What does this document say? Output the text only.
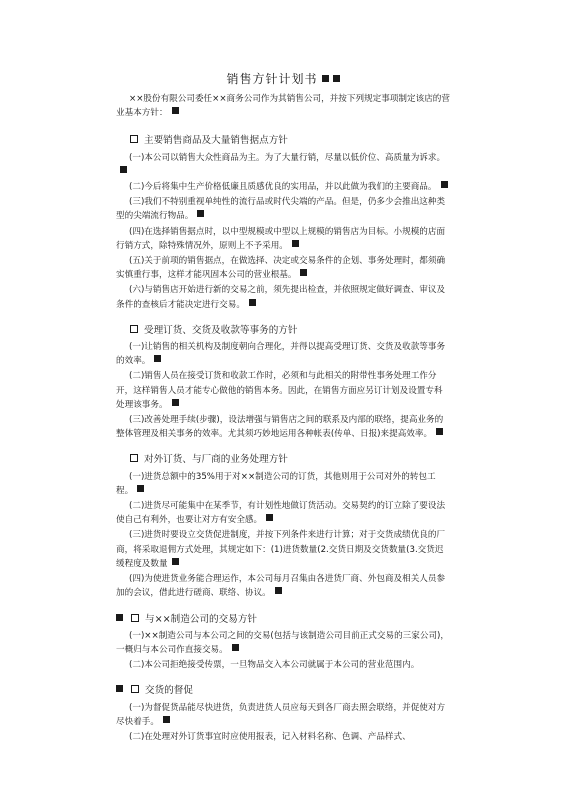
销售方针计划书

××股份有限公司委任××商务公司作为其销售公司，并按下列规定事项制定该店的营业基本方针：

主要销售商品及大量销售据点方针

(一)本公司以销售大众性商品为主。为了大量行销，尽量以低价位、高质量为诉求。

(二)今后将集中生产价格低廉且质感优良的实用品，并以此做为我们的主要商品。

(三)我们不特别重视单纯性的流行品或时代尖端的产品。但是，仍多少会推出这种类型的尖端流行物品。

(四)在选择销售据点时，以中型规模或中型以上规模的销售店为目标。小规模的店面行销方式，除特殊情况外，原则上不予采用。

(五)关于前项的销售据点，在做选择、决定或交易条件的企划、事务处理时，都须确实慎重行事，这样才能巩固本公司的营业根基。

(六)与销售店开始进行新的交易之前，须先提出检查，并依照规定做好调查、审议及条件的查核后才能决定进行交易。

受理订货、交货及收款等事务的方针

(一)让销售的相关机构及制度朝向合理化，并得以提高受理订货、交货及收款等事务的效率。

(二)销售人员在接受订货和收款工作时，必须和与此相关的附带性事务处理工作分开，这样销售人员才能专心做他的销售本务。因此，在销售方面应另订计划及设置专科处理该事务。

(三)改善处理手续(步骤)，设法增强与销售店之间的联系及内部的联络，提高业务的整体管理及相关事务的效率。尤其须巧妙地运用各种帐表(传单、日报)来提高效率。

对外订货、与厂商的业务处理方针

(一)进货总额中的35%用于对××制造公司的订货，其他则用于公司对外的转包工程。

(二)进货尽可能集中在某季节，有计划性地做订货活动。交易契约的订立除了要设法使自己有利外，也要让对方有安全感。

(三)进货时要设立交货促进制度，并按下列条件来进行计算；对于交货成绩优良的厂商，将采取退佣方式处理，其规定如下：(1)进货数量(2.交货日期及交货数量(3.交货迟缓程度及数量

(四)为使进货业务能合理运作，本公司每月召集由各进货厂商、外包商及相关人员参加的会议，借此进行磋商、联络、协议。

与××制造公司的交易方针

(一)××制造公司与本公司之间的交易(包括与该制造公司目前正式交易的三家公司)，一概归与本公司作直接交易。

(二)本公司拒绝接受传票，一旦物品交入本公司就属于本公司的营业范围内。

交货的督促

(一)为督促货品能尽快进货，负责进货人员应每天到各厂商去照会联络，并促使对方尽快着手。

(二)在处理对外订货事宜时应使用报表，记入材料名称、色调、产品样式、
